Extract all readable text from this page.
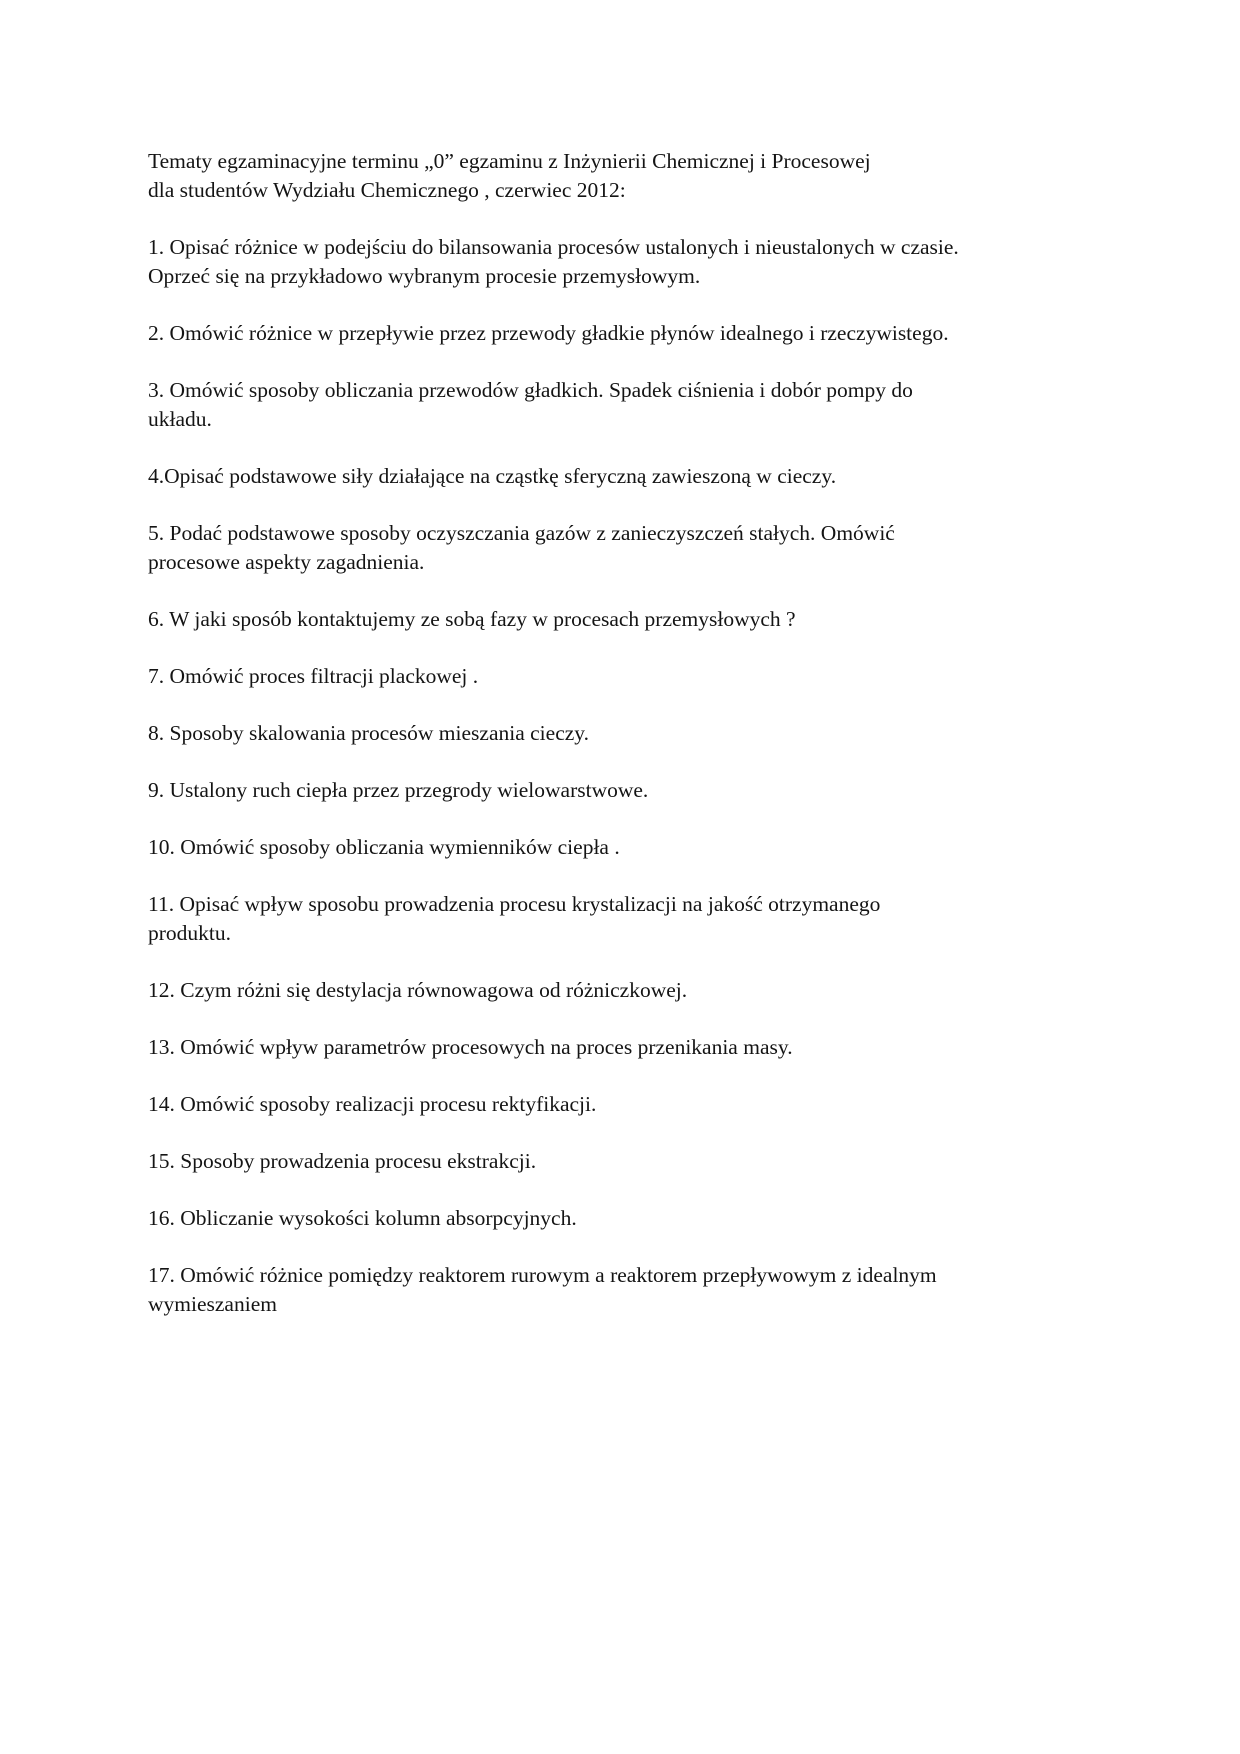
Tematy egzaminacyjne terminu „0” egzaminu z Inżynierii Chemicznej i Procesowej
dla studentów Wydziału Chemicznego , czerwiec 2012:
1. Opisać różnice w podejściu do bilansowania procesów ustalonych i nieustalonych w czasie.
Oprzeć się na przykładowo wybranym procesie przemysłowym.
2. Omówić różnice w przepływie przez przewody gładkie płynów idealnego i rzeczywistego.
3. Omówić sposoby obliczania przewodów gładkich. Spadek ciśnienia i dobór pompy do
układu.
4.Opisać podstawowe siły działające na cząstkę sferyczną zawieszoną w cieczy.
5. Podać podstawowe sposoby oczyszczania gazów z zanieczyszczeń stałych. Omówić
procesowe aspekty zagadnienia.
6. W jaki sposób kontaktujemy ze sobą fazy w procesach przemysłowych ?
7. Omówić proces filtracji plackowej .
8. Sposoby skalowania procesów mieszania cieczy.
9. Ustalony ruch ciepła przez przegrody wielowarstwowe.
10. Omówić sposoby obliczania wymienników ciepła .
11. Opisać wpływ sposobu prowadzenia procesu krystalizacji na jakość otrzymanego
produktu.
12. Czym różni się destylacja równowagowa od różniczkowej.
13. Omówić wpływ parametrów procesowych na proces przenikania masy.
14. Omówić sposoby realizacji procesu rektyfikacji.
15. Sposoby prowadzenia procesu ekstrakcji.
16. Obliczanie wysokości kolumn absorpcyjnych.
17. Omówić różnice pomiędzy reaktorem rurowym a reaktorem przepływowym z idealnym
wymieszaniem
